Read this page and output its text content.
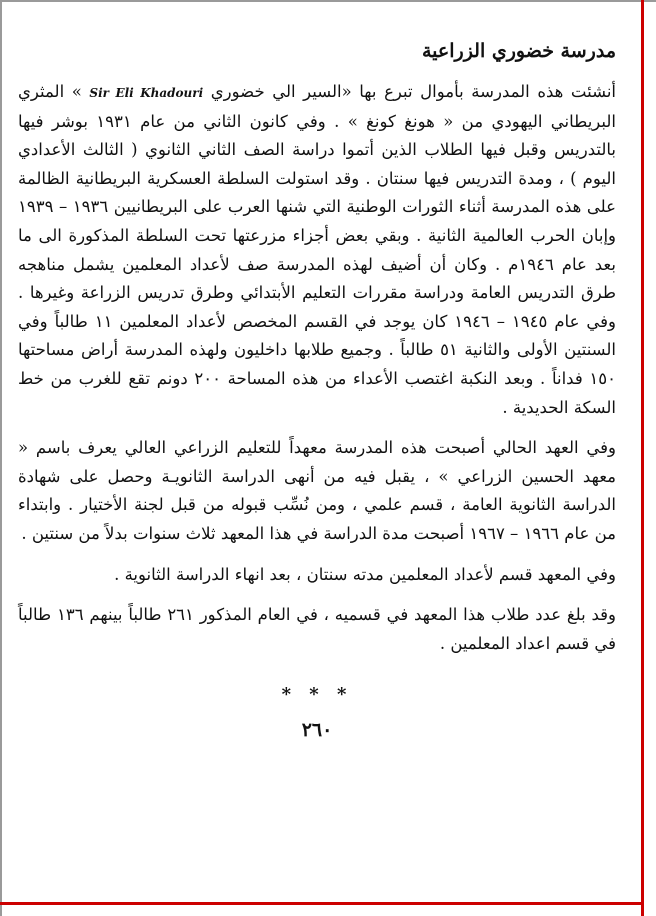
مدرسة خضوري الزراعية

أنشئت هذه المدرسة بأموال تبرع بها «السير الي خضوري Sir Eli Khadouri » المثري البريطاني اليهودي من « هونغ كونغ » . وفي كانون الثاني من عام ١٩٣١ بوشر فيها بالتدريس وقبل فيها الطلاب الذين أتموا دراسة الصف الثاني الثانوي ( الثالث الأعدادي اليوم ) ، ومدة التدريس فيها سنتان . وقد استولت السلطة العسكرية البريطانية الظالمة على هذه المدرسة أثناء الثورات الوطنية التي شنها العرب على البريطانيين ١٩٣٦ – ١٩٣٩ وإبان الحرب العالمية الثانية . وبقي بعض أجزاء مزرعتها تحت السلطة المذكورة الى ما بعد عام ١٩٤٦م . وكان أن أضيف لهذه المدرسة صف لأعداد المعلمين يشمل مناهجه طرق التدريس العامة ودراسة مقررات التعليم الأبتدائي وطرق تدريس الزراعة وغيرها . وفي عام ١٩٤٥ – ١٩٤٦ كان يوجد في القسم المخصص لأعداد المعلمين ١١ طالباً وفي السنتين الأولى والثانية ٥١ طالباً . وجميع طلابها داخليون ولهذه المدرسة أراض مساحتها ١٥٠ فداناً . وبعد النكبة اغتصب الأعداء من هذه المساحة ٢٠٠ دونم تقع للغرب من خط السكة الحديدية .

وفي العهد الحالي أصبحت هذه المدرسة معهداً للتعليم الزراعي العالي يعرف باسم « معهد الحسين الزراعي » ، يقبل فيه من أنهى الدراسة الثانويـة وحصل على شهادة الدراسة الثانوية العامة ، قسم علمي ، ومن نُسِّب قبوله من قبل لجنة الأختيار . وابتداء من عام ١٩٦٦ – ١٩٦٧ أصبحت مدة الدراسة في هذا المعهد ثلاث سنوات بدلاً من سنتين .

وفي المعهد قسم لأعداد المعلمين مدته سنتان ، بعد انهاء الدراسة الثانوية .

وقد بلغ عدد طلاب هذا المعهد في قسميه ، في العام المذكور ٢٦١ طالباً بينهم ١٣٦ طالباً في قسم اعداد المعلمين .

* * *
٢٦٠
